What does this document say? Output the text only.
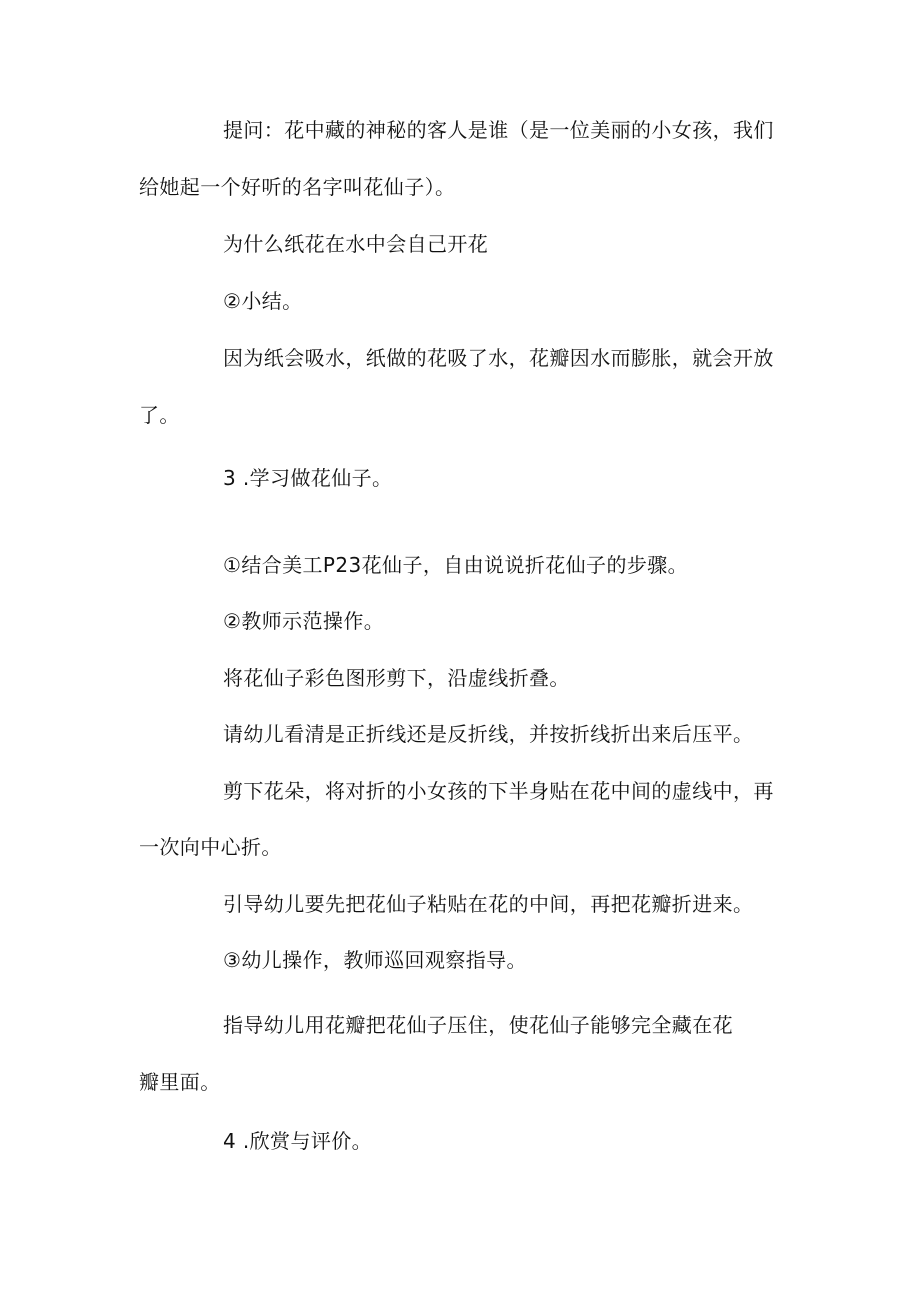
提问：花中藏的神秘的客人是谁（是一位美丽的小女孩，我们
给她起一个好听的名字叫花仙子）。
为什么纸花在水中会自己开花
②小结。
因为纸会吸水，纸做的花吸了水，花瓣因水而膨胀，就会开放
了。
3 .学习做花仙子。
①结合美工P23花仙子，自由说说折花仙子的步骤。
②教师示范操作。
将花仙子彩色图形剪下，沿虚线折叠。
请幼儿看清是正折线还是反折线，并按折线折出来后压平。
剪下花朵，将对折的小女孩的下半身贴在花中间的虚线中，再
一次向中心折。
引导幼儿要先把花仙子粘贴在花的中间，再把花瓣折进来。
③幼儿操作，教师巡回观察指导。
指导幼儿用花瓣把花仙子压住，使花仙子能够完全藏在花
瓣里面。
4 .欣赏与评价。
